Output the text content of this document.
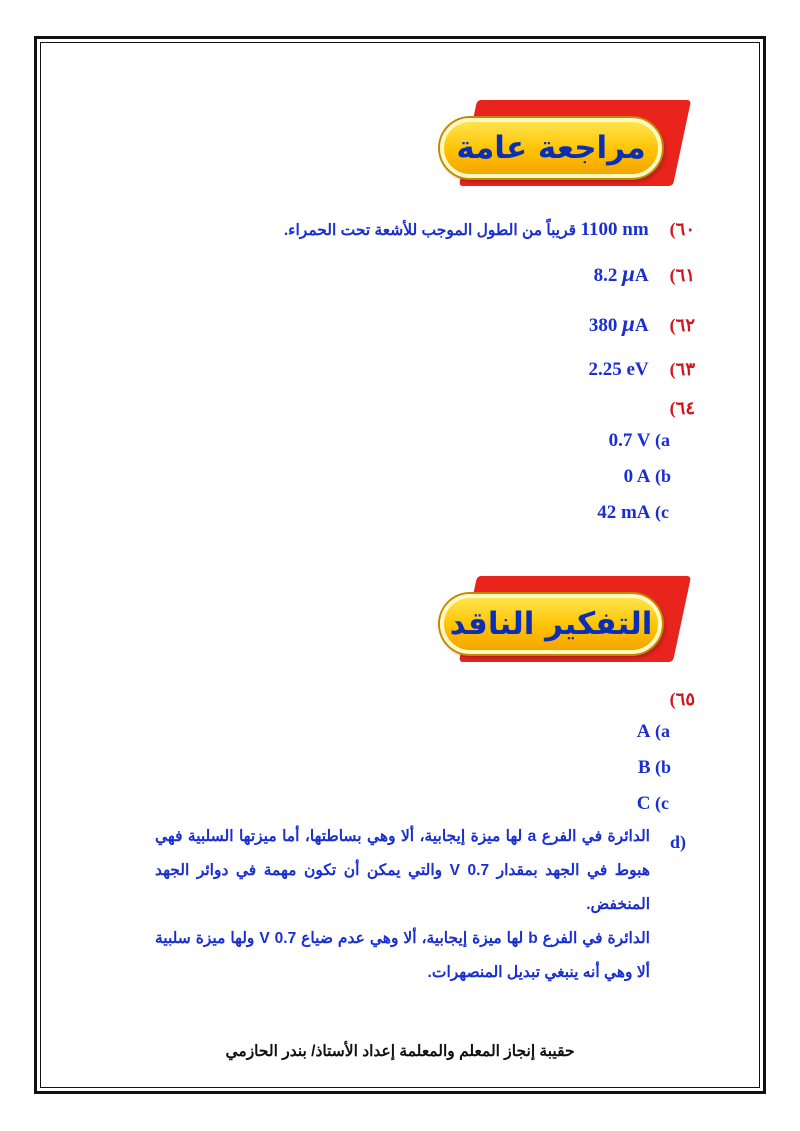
مراجعة عامة
٦٠)  1100 nm قريباً من الطول الموجب للأشعة تحت الحمراء.
٦١)  8.2 μA
٦٢)  380 μA
٦٣)  2.25 eV
٦٤)
(a 0.7 V
(b 0 A
(c 42 mA
التفكير الناقد
٦٥)
(a A
(b B
(c C
d)
الدائرة في الفرع a لها ميزة إيجابية، ألا وهي بساطتها، أما ميزتها السلبية فهي هبوط في الجهد بمقدار 0.7 V والتي يمكن أن تكون مهمة في دوائر الجهد المنخفض.
الدائرة في الفرع b لها ميزة إيجابية، ألا وهي عدم ضياع 0.7 V ولها ميزة سلبية ألا وهي أنه ينبغي تبديل المنصهرات.
حقيبة إنجاز المعلم والمعلمة إعداد الأستاذ/ بندر الحازمي
